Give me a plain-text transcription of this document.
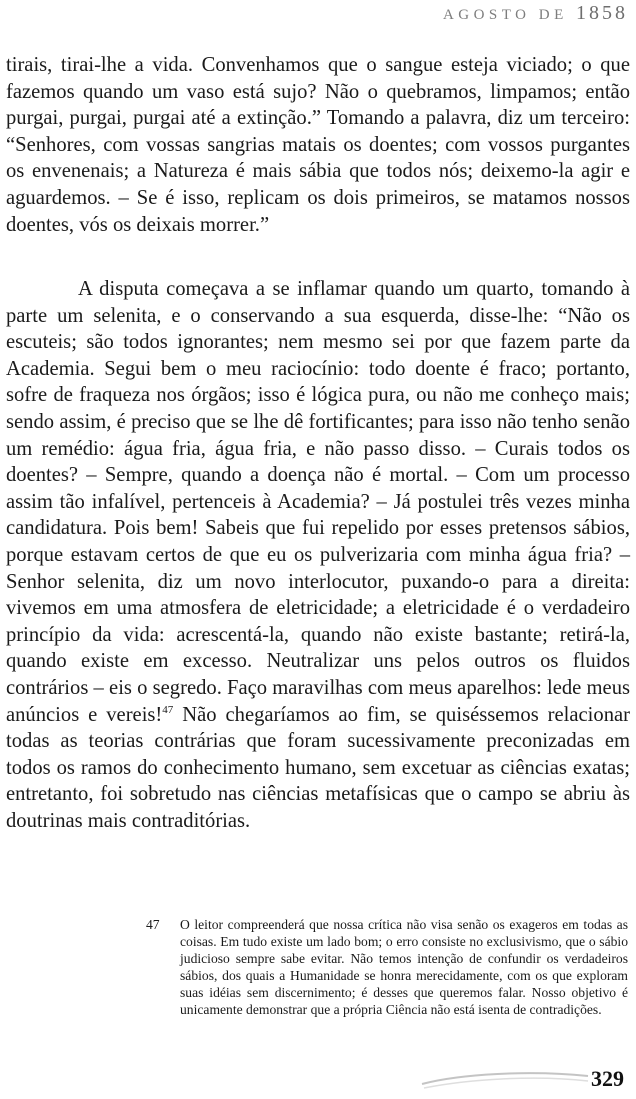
AGOSTO DE 1858

tirais, tirai-lhe a vida. Convenhamos que o sangue esteja viciado; o que fazemos quando um vaso está sujo? Não o quebramos, limpamos; então purgai, purgai, purgai até a extinção.” Tomando a palavra, diz um terceiro: “Senhores, com vossas sangrias matais os doentes; com vossos purgantes os envenenais; a Natureza é mais sábia que todos nós; deixemo-la agir e aguardemos. – Se é isso, replicam os dois primeiros, se matamos nossos doentes, vós os deixais morrer.”

A disputa começava a se inflamar quando um quarto, tomando à parte um selenita, e o conservando a sua esquerda, disse-lhe: “Não os escuteis; são todos ignorantes; nem mesmo sei por que fazem parte da Academia. Segui bem o meu raciocínio: todo doente é fraco; portanto, sofre de fraqueza nos órgãos; isso é lógica pura, ou não me conheço mais; sendo assim, é preciso que se lhe dê fortificantes; para isso não tenho senão um remédio: água fria, água fria, e não passo disso. – Curais todos os doentes? – Sempre, quando a doença não é mortal. – Com um processo assim tão infalível, pertenceis à Academia? – Já postulei três vezes minha candidatura. Pois bem! Sabeis que fui repelido por esses pretensos sábios, porque estavam certos de que eu os pulverizaria com minha água fria? – Senhor selenita, diz um novo interlocutor, puxando-o para a direita: vivemos em uma atmosfera de eletricidade; a eletricidade é o verdadeiro princípio da vida: acrescentá-la, quando não existe bastante; retirá-la, quando existe em excesso. Neutralizar uns pelos outros os fluidos contrários – eis o segredo. Faço maravilhas com meus aparelhos: lede meus anúncios e vereis!$^{47}$ Não chegaríamos ao fim, se quiséssemos relacionar todas as teorias contrárias que foram sucessivamente preconizadas em todos os ramos do conhecimento humano, sem excetuar as ciências exatas; entretanto, foi sobretudo nas ciências metafísicas que o campo se abriu às doutrinas mais contraditórias.

47 O leitor compreenderá que nossa crítica não visa senão os exageros em todas as coisas. Em tudo existe um lado bom; o erro consiste no exclusivismo, que o sábio judicioso sempre sabe evitar. Não temos intenção de confundir os verdadeiros sábios, dos quais a Humanidade se honra merecidamente, com os que exploram suas idéias sem discernimento; é desses que queremos falar. Nosso objetivo é unicamente demonstrar que a própria Ciência não está isenta de contradições.
329
